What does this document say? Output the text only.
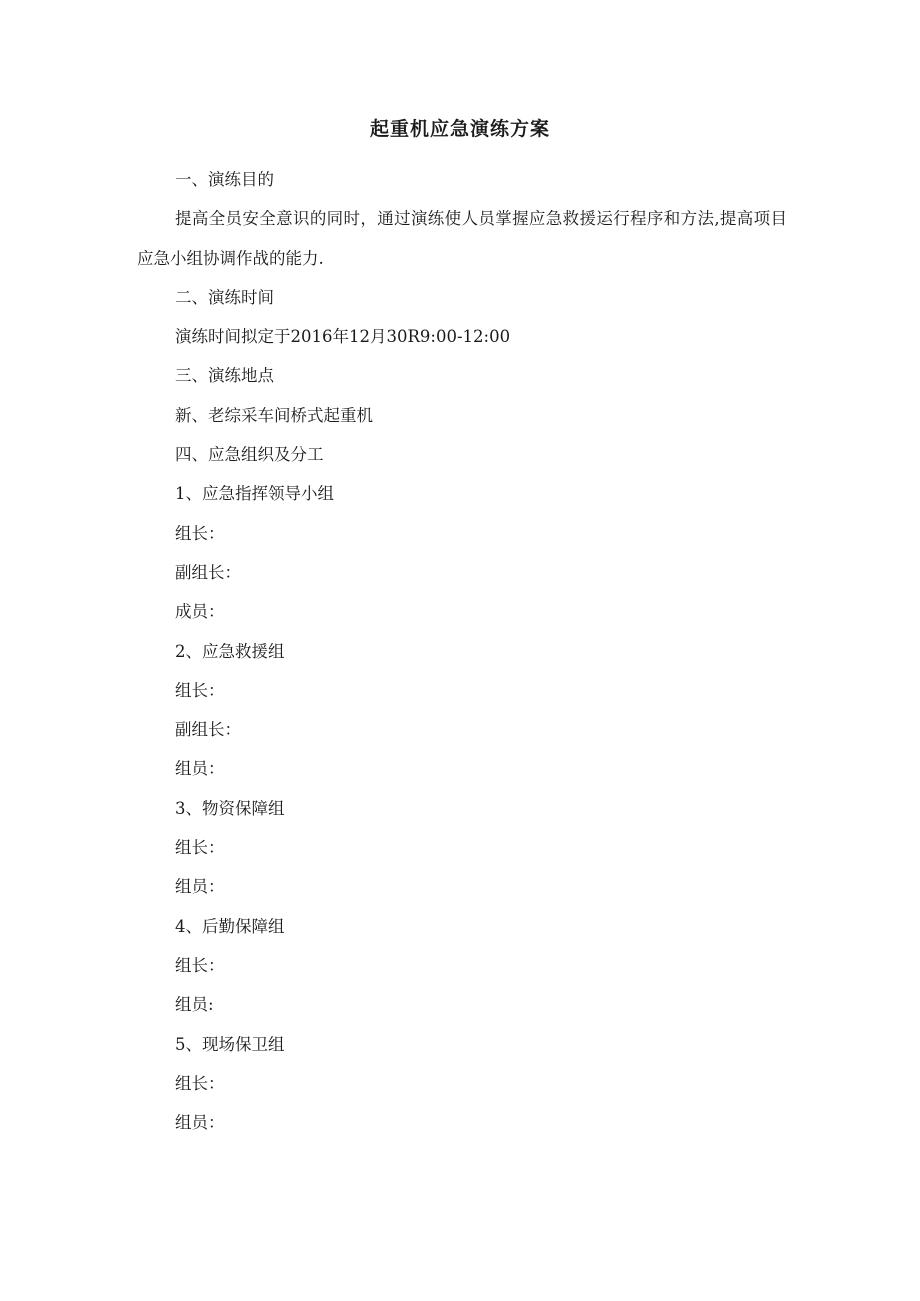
起重机应急演练方案

一、演练目的

提高全员安全意识的同时，通过演练使人员掌握应急救援运行程序和方法,提高项目应急小组协调作战的能力.

二、演练时间

演练时间拟定于2016年12月30R9:00-12:00

三、演练地点

新、老综采车间桥式起重机

四、应急组织及分工

1、应急指挥领导小组

组长：

副组长：

成员：

2、应急救援组

组长：

副组长：

组员：

3、物资保障组

组长：

组员：

4、后勤保障组

组长：

组员:

5、现场保卫组

组长：

组员：
